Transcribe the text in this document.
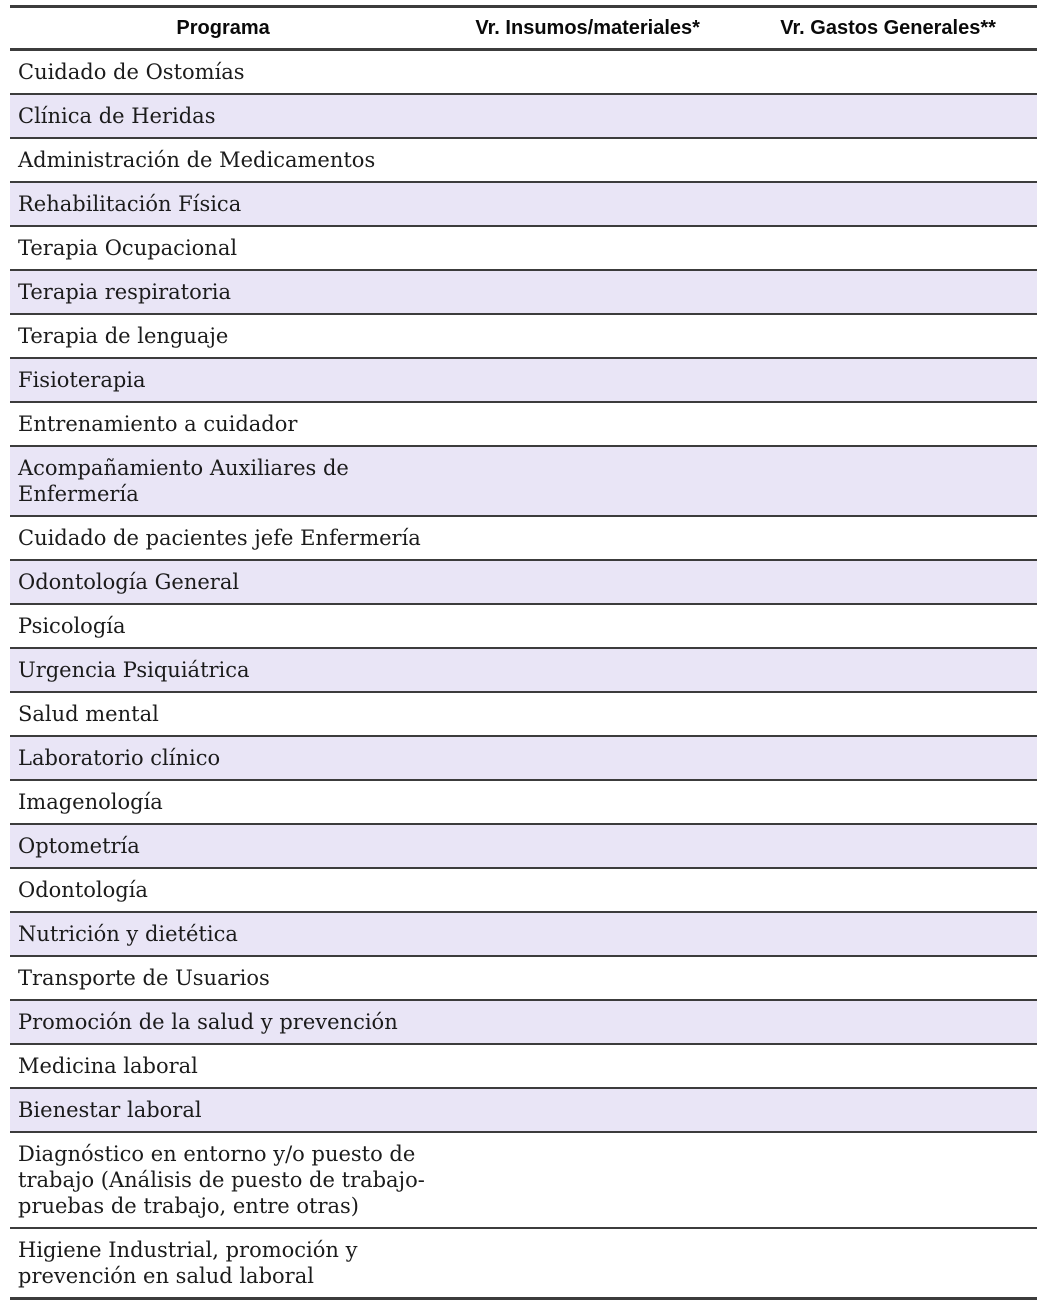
Programa	Vr. Insumos/materiales*	Vr. Gastos Generales**
Cuidado de Ostomías		
Clínica de Heridas		
Administración de Medicamentos		
Rehabilitación Física		
Terapia Ocupacional		
Terapia respiratoria		
Terapia de lenguaje		
Fisioterapia		
Entrenamiento a cuidador		
Acompañamiento Auxiliares de Enfermería		
Cuidado de pacientes jefe Enfermería		
Odontología General		
Psicología		
Urgencia Psiquiátrica		
Salud mental		
Laboratorio clínico		
Imagenología		
Optometría		
Odontología		
Nutrición y dietética		
Transporte de Usuarios		
Promoción de la salud y prevención		
Medicina laboral		
Bienestar laboral		
Diagnóstico en entorno y/o puesto de trabajo (Análisis de puesto de trabajo-pruebas de trabajo, entre otras)		
Higiene Industrial, promoción y prevención en salud laboral		
